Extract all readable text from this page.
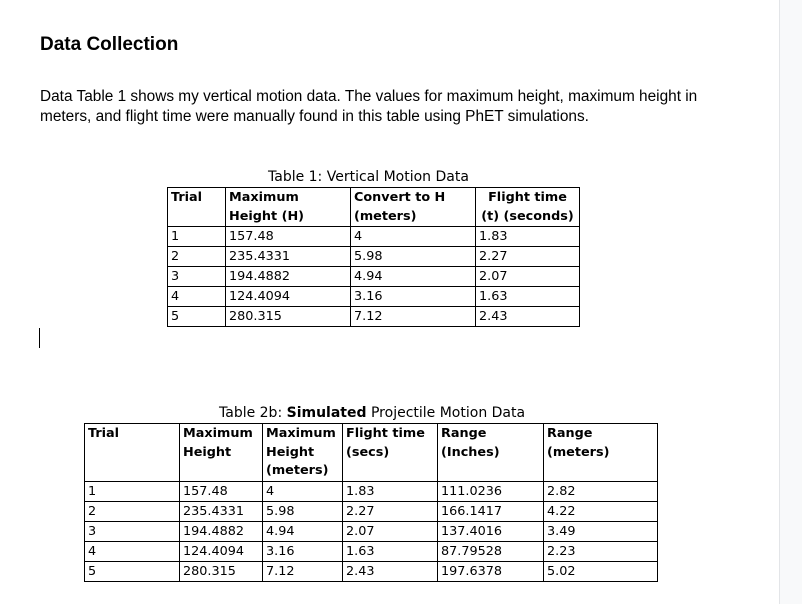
Data Collection

Data Table 1 shows my vertical motion data. The values for maximum height, maximum height in meters, and flight time were manually found in this table using PhET simulations.

Table 1: Vertical Motion Data
Trial	Maximum Height (H)	Convert to H (meters)	Flight time (t) (seconds)
1	157.48	4	1.83
2	235.4331	5.98	2.27
3	194.4882	4.94	2.07
4	124.4094	3.16	1.63
5	280.315	7.12	2.43
Table 2b: Simulated Projectile Motion Data
Trial	Maximum Height	Maximum Height (meters)	Flight time (secs)	Range (Inches)	Range (meters)
1	157.48	4	1.83	111.0236	2.82
2	235.4331	5.98	2.27	166.1417	4.22
3	194.4882	4.94	2.07	137.4016	3.49
4	124.4094	3.16	1.63	87.79528	2.23
5	280.315	7.12	2.43	197.6378	5.02
